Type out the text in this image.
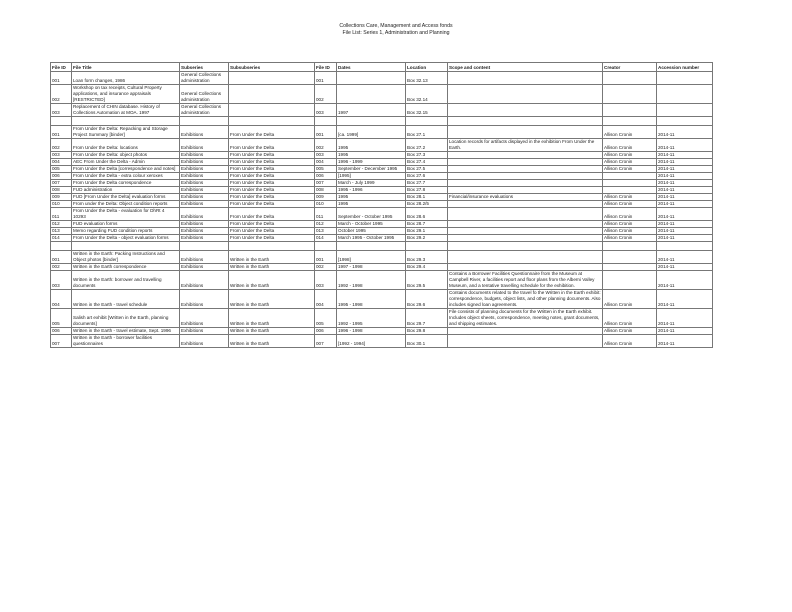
Collections Care, Management and Access fonds
File List: Series 1, Administration and Planning
File ID	File Title	Subseries	Subsubseries	File ID	Dates	Location	Scope and content	Creator	Accession number
001	Loan form changes, 1986	General Collections administration		001		Box 32.13			
002	Workshop on tax receipts, Cultural Property applications, and insurance appraisals [RESTRICTED]	General Collections administration		002		Box 32.14			
003	Replacement of CHIN database. History of Collections Automation at MOA. 1997	General Collections administration		003	1997	Box 32.15			

001	From Under the Delta: Repacking and Storage Project Summary [binder]	Exhibitions	From Under the Delta	001	[ca. 1999]	Box 27.1		Allison Cronin	2014-11
002	From Under the Delta: locations	Exhibitions	From Under the Delta	002	1995	Box 27.2	Location records for artifacts displayed in the exhibition From Under the Earth.	Allison Cronin	2014-11
003	From Under the Delta: object photos	Exhibitions	From Under the Delta	003	1995	Box 27.3		Allison Cronin	2014-11
004	AEC From Under the Delta - Admin	Exhibitions	From Under the Delta	004	1996 - 1999	Box 27.4		Allison Cronin	2014-11
005	From Under the Delta [correspondence and notes]	Exhibitions	From Under the Delta	005	September - December 1995	Box 27.5		Allison Cronin	2014-11
006	From Under the Delta - extra colour xeroxes	Exhibitions	From Under the Delta	006	[1995]	Box 27.6			2014-11
007	From Under the Delta correspondence	Exhibitions	From Under the Delta	007	March - July 1999	Box 27.7			2014-11
008	FUD administration	Exhibitions	From Under the Delta	008	1995 - 1996	Box 27.8			2014-11
009	FUD [From Under the Delta] evaluation forms	Exhibitions	From Under the Delta	009	1995	Box 28.1	Financial/insurance evaluations	Allison Cronin	2014-11
010	From under the Delta: Object condition reports	Exhibitions	From Under the Delta	010	1995	Box 28.2/5		Allison Cronin	2014-11
011	From Under the Delta - evaluation for DhRt 4 10293	Exhibitions	From Under the Delta	011	September - October 1995	Box 28.6		Allison Cronin	2014-11
012	FUD evaluation forms	Exhibitions	From Under the Delta	012	March - October 1995	Box 28.7		Allison Cronin	2014-11
013	Memo regarding FUD condition reports	Exhibitions	From Under the Delta	013	October 1995	Box 29.1		Allison Cronin	2014-11
014	From Under the Delta - object evaluation forms	Exhibitions	From Under the Delta	014	March 1995 - October 1995	Box 29.2		Allison Cronin	2014-11

001	Written in the Earth: Packing Instructions and Object photos [binder]	Exhibitions	Written in the Earth	001	[1998]	Box 29.3			2014-11
002	Written in the Earth correspondence	Exhibitions	Written in the Earth	002	1997 - 1998	Box 29.4			2014-11
003	Written in the Earth: borrower and travelling documents	Exhibitions	Written in the Earth	003	1992 - 1998	Box 29.5	Contains a Borrower Facilities Questionnaire from the Museum at Campbell River, a facilities report and floor plans from the Alberni Valley Museum, and a tentative travelling schedule for the exhibition.		2014-11
004	Written in the Earth - travel schedule	Exhibitions	Written in the Earth	004	1995 - 1998	Box 29.6	Contains documents related to the travel fo the Written in the Earth exhibit: correspondence, budgets, object lists, and other planning documents. Also includes signed loan agreements.	Allison Cronin	2014-11
005	Salish art exhibit [Written in the Earth, planning documents]	Exhibitions	Written in the Earth	005	1992 - 1995	Box 29.7	File consists of planning documents for the Written in the Earth exhibit. Includes object sheets, correspondence, meeting notes, grant documents, and shipping estimates.	Allison Cronin	2014-11
006	Written in the Earth - travel estimate, Sept. 1996	Exhibitions	Written in the Earth	006	1996 - 1998	Box 29.8		Allison Cronin	2014-11
007	Written in the Earth - borrower facilities questionnaires	Exhibitions	Written in the Earth	007	[1992 - 1994]	Box 30.1		Allison Cronin	2014-11
